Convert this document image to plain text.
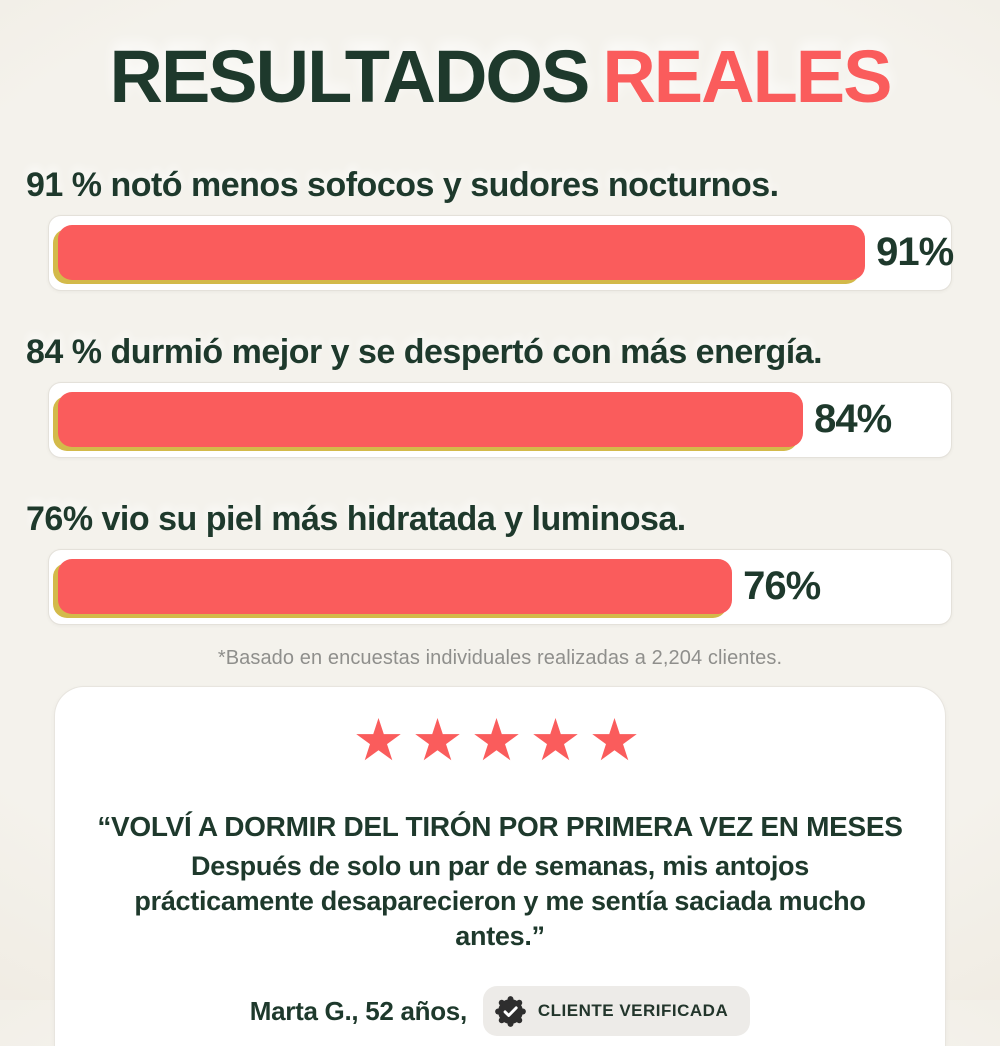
RESULTADOS REALES
91 % notó menos sofocos y sudores nocturnos.
91%
84 % durmió mejor y se despertó con más energía.
84%
76% vio su piel más hidratada y luminosa.
76%
*Basado en encuestas individuales realizadas a 2,204 clientes.
★★★★★
“VOLVÍ A DORMIR DEL TIRÓN POR PRIMERA VEZ EN MESES
Después de solo un par de semanas, mis antojos prácticamente desaparecieron y me sentía saciada mucho antes.”
Marta G., 52 años,	CLIENTE VERIFICADA
